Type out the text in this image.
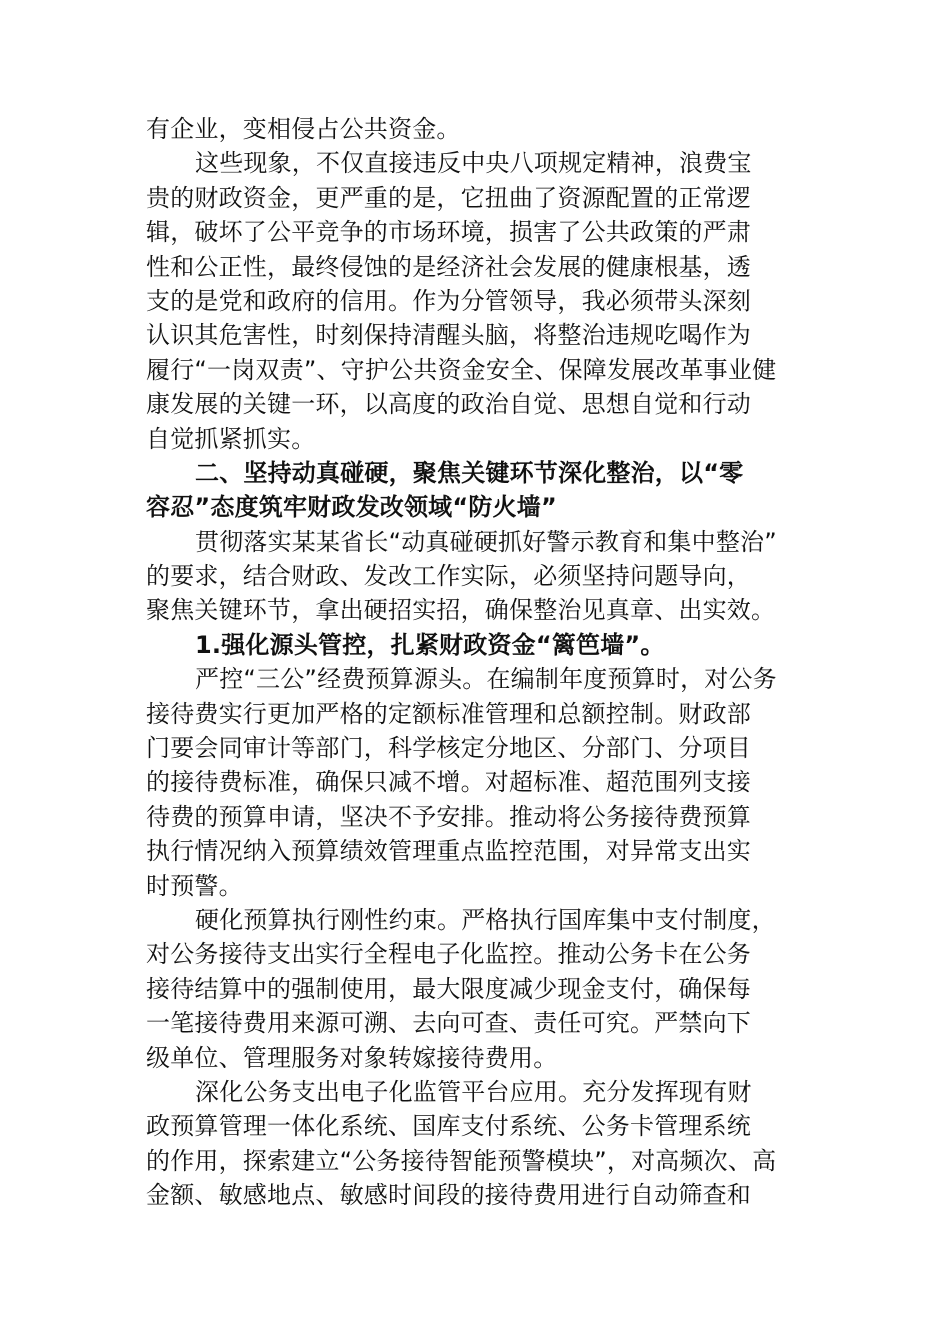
有企业，变相侵占公共资金。
这些现象，不仅直接违反中央八项规定精神，浪费宝
贵的财政资金，更严重的是，它扭曲了资源配置的正常逻
辑，破坏了公平竞争的市场环境，损害了公共政策的严肃
性和公正性，最终侵蚀的是经济社会发展的健康根基，透
支的是党和政府的信用。作为分管领导，我必须带头深刻
认识其危害性，时刻保持清醒头脑，将整治违规吃喝作为
履行“一岗双责”、守护公共资金安全、保障发展改革事业健
康发展的关键一环，以高度的政治自觉、思想自觉和行动
自觉抓紧抓实。
二、坚持动真碰硬，聚焦关键环节深化整治，以“零
容忍”态度筑牢财政发改领域“防火墙”
贯彻落实某某省长“动真碰硬抓好警示教育和集中整治”
的要求，结合财政、发改工作实际，必须坚持问题导向，
聚焦关键环节，拿出硬招实招，确保整治见真章、出实效。
1.强化源头管控，扎紧财政资金“篱笆墙”。
严控“三公”经费预算源头。在编制年度预算时，对公务
接待费实行更加严格的定额标准管理和总额控制。财政部
门要会同审计等部门，科学核定分地区、分部门、分项目
的接待费标准，确保只减不增。对超标准、超范围列支接
待费的预算申请，坚决不予安排。推动将公务接待费预算
执行情况纳入预算绩效管理重点监控范围，对异常支出实
时预警。
硬化预算执行刚性约束。严格执行国库集中支付制度，
对公务接待支出实行全程电子化监控。推动公务卡在公务
接待结算中的强制使用，最大限度减少现金支付，确保每
一笔接待费用来源可溯、去向可查、责任可究。严禁向下
级单位、管理服务对象转嫁接待费用。
深化公务支出电子化监管平台应用。充分发挥现有财
政预算管理一体化系统、国库支付系统、公务卡管理系统
的作用，探索建立“公务接待智能预警模块”，对高频次、高
金额、敏感地点、敏感时间段的接待费用进行自动筛查和
